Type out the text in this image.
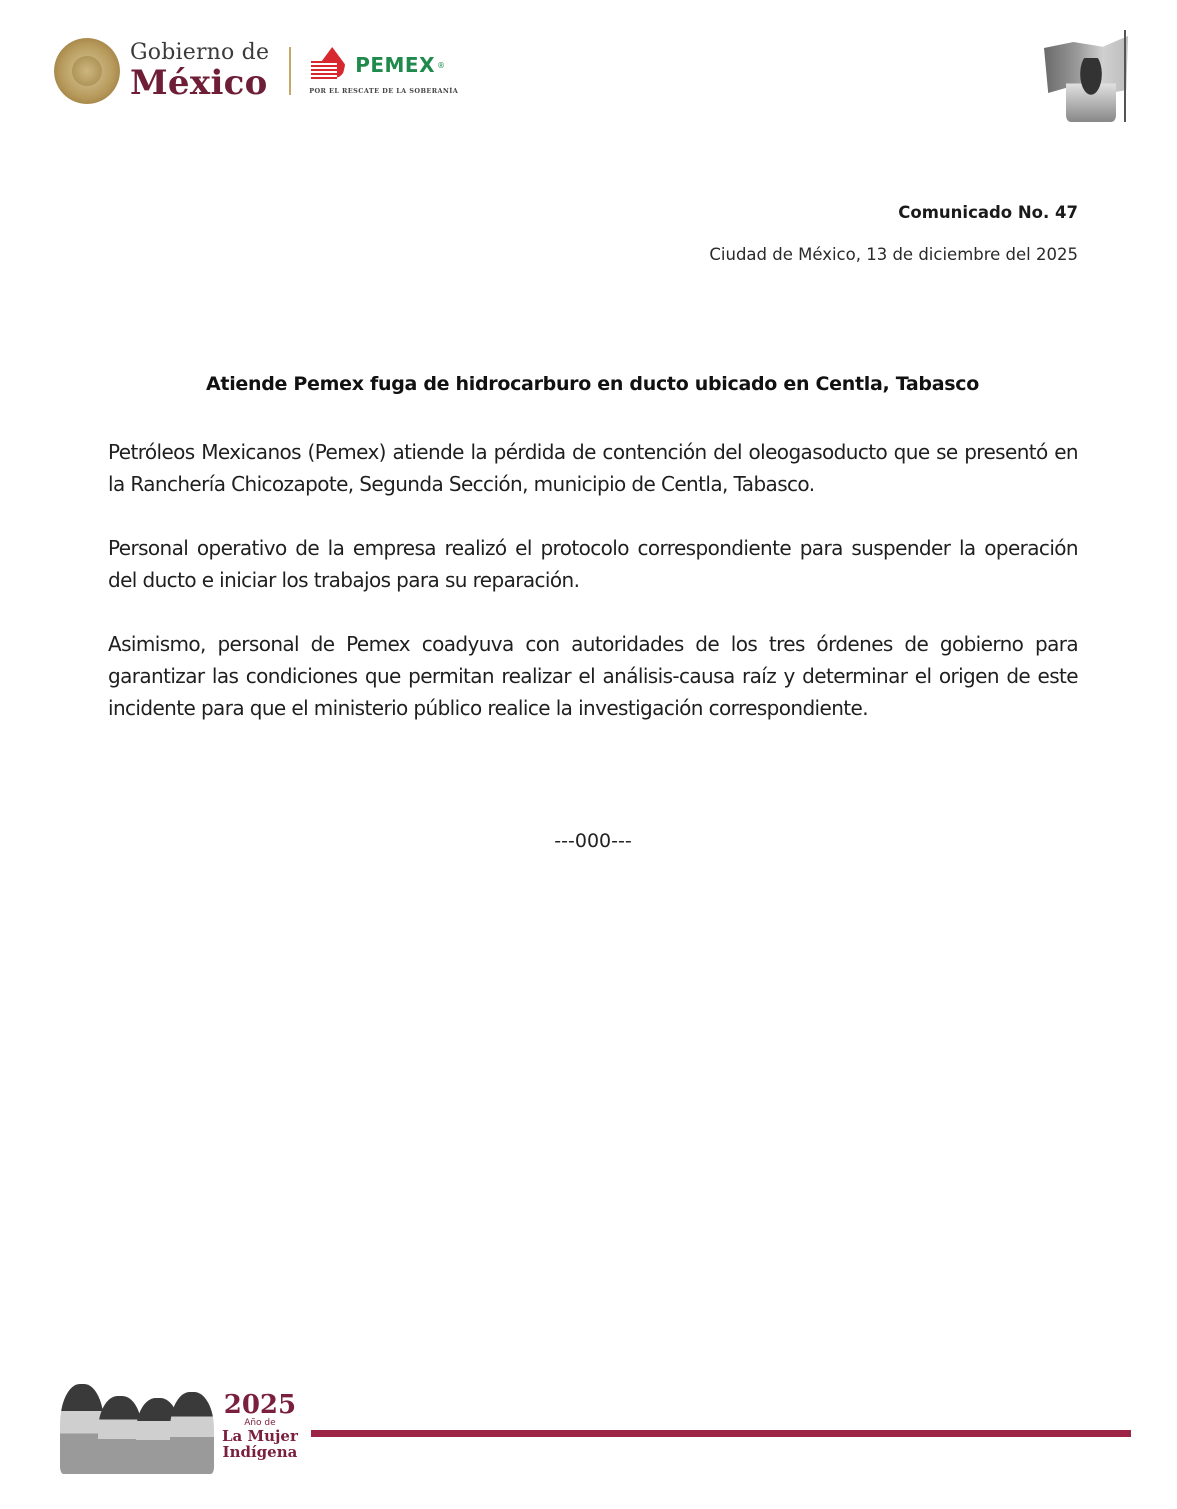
Gobierno de
México	PEMEX ®
POR EL RESCATE DE LA SOBERANÍA
Comunicado No. 47
Ciudad de México, 13 de diciembre del 2025
Atiende Pemex fuga de hidrocarburo en ducto ubicado en Centla, Tabasco

Petróleos Mexicanos (Pemex) atiende la pérdida de contención del oleogasoducto que se presentó en la Ranchería Chicozapote, Segunda Sección, municipio de Centla, Tabasco.

Personal operativo de la empresa realizó el protocolo correspondiente para suspender la operación del ducto e iniciar los trabajos para su reparación.

Asimismo, personal de Pemex coadyuva con autoridades de los tres órdenes de gobierno para garantizar las condiciones que permitan realizar el análisis-causa raíz y determinar el origen de este incidente para que el ministerio público realice la investigación correspondiente.

---000---
2025
Año de
La Mujer
Indígena
